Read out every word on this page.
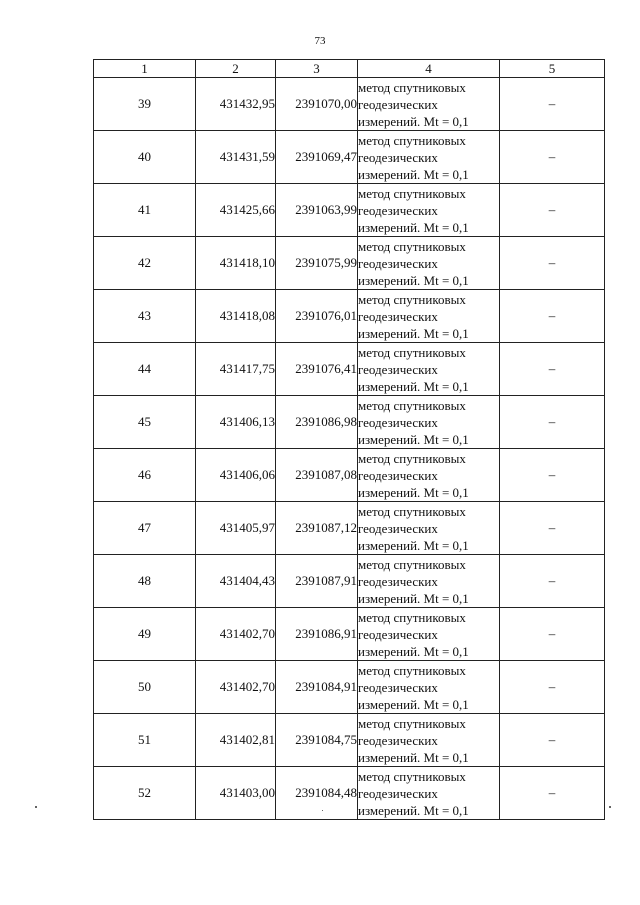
73
1	2	3	4	5
39	431432,95	2391070,00	метод спутниковых
геодезических
измерений. Mt = 0,1	–
40	431431,59	2391069,47	метод спутниковых
геодезических
измерений. Mt = 0,1	–
41	431425,66	2391063,99	метод спутниковых
геодезических
измерений. Mt = 0,1	–
42	431418,10	2391075,99	метод спутниковых
геодезических
измерений. Mt = 0,1	–
43	431418,08	2391076,01	метод спутниковых
геодезических
измерений. Mt = 0,1	–
44	431417,75	2391076,41	метод спутниковых
геодезических
измерений. Mt = 0,1	–
45	431406,13	2391086,98	метод спутниковых
геодезических
измерений. Mt = 0,1	–
46	431406,06	2391087,08	метод спутниковых
геодезических
измерений. Mt = 0,1	–
47	431405,97	2391087,12	метод спутниковых
геодезических
измерений. Mt = 0,1	–
48	431404,43	2391087,91	метод спутниковых
геодезических
измерений. Mt = 0,1	–
49	431402,70	2391086,91	метод спутниковых
геодезических
измерений. Mt = 0,1	–
50	431402,70	2391084,91	метод спутниковых
геодезических
измерений. Mt = 0,1	–
51	431402,81	2391084,75	метод спутниковых
геодезических
измерений. Mt = 0,1	–
52	431403,00	2391084,48	метод спутниковых
геодезических
измерений. Mt = 0,1	–
